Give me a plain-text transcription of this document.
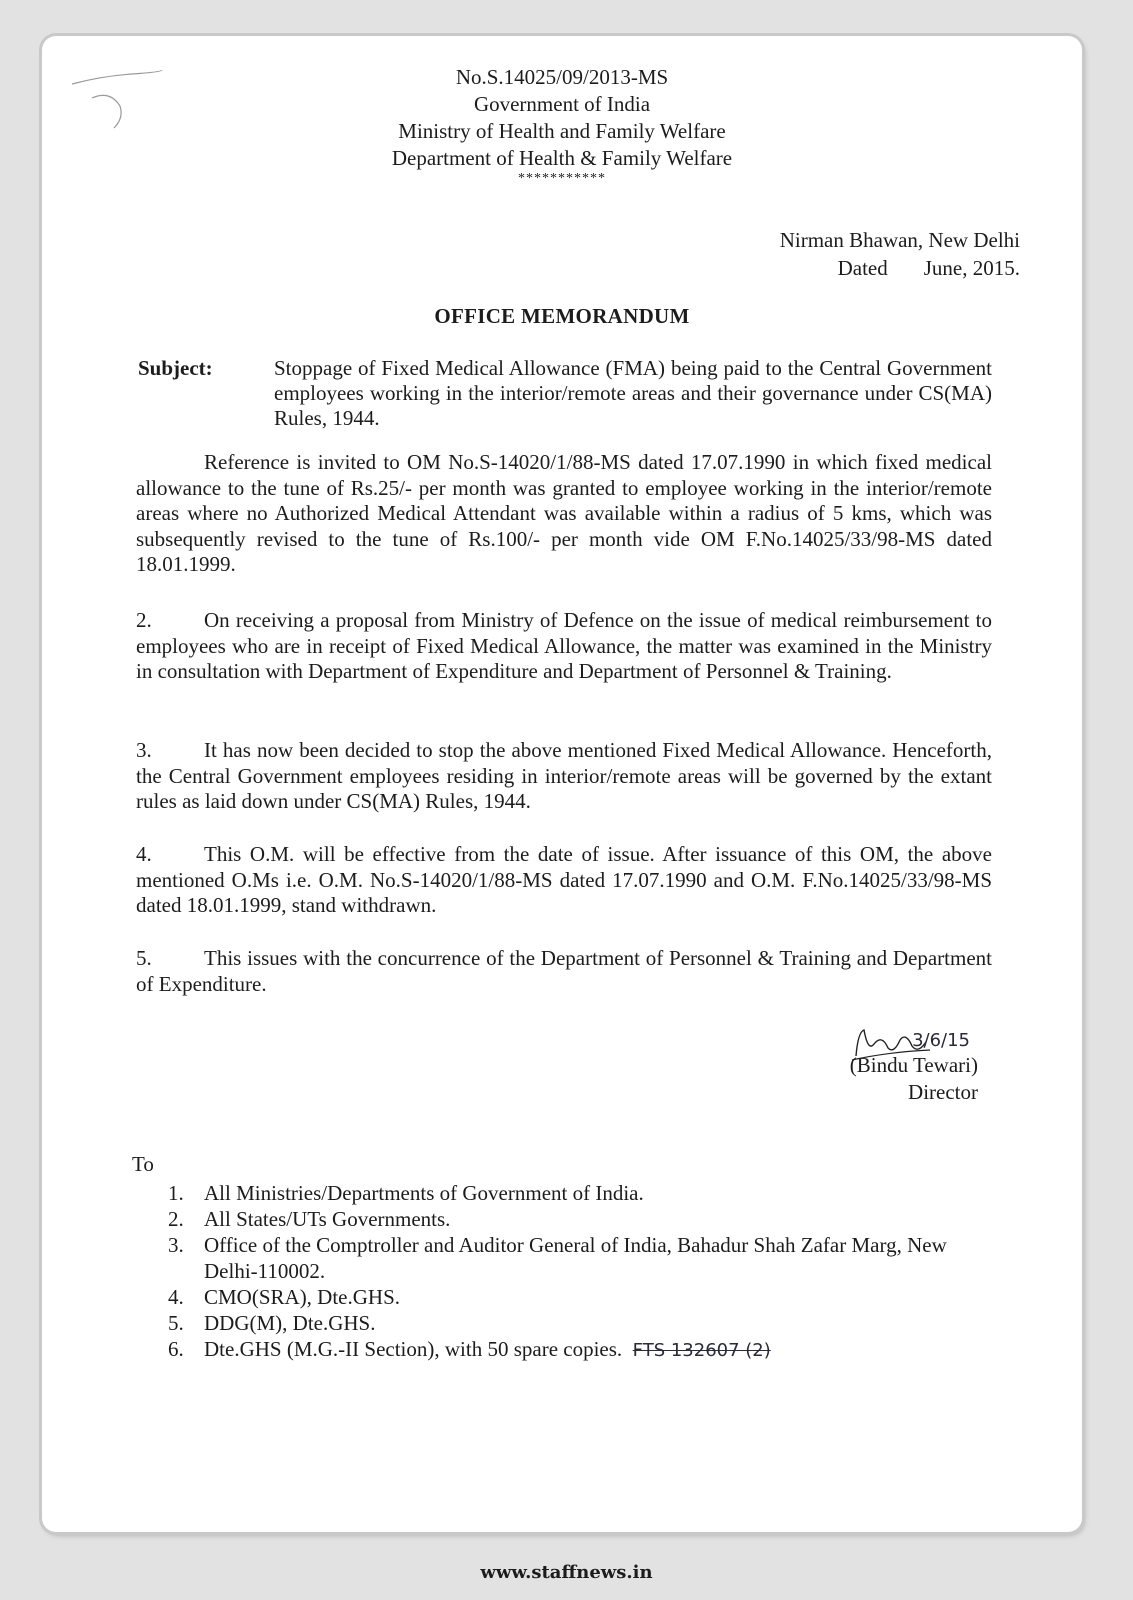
No.S.14025/09/2013-MS
Government of India
Ministry of Health and Family Welfare
Department of Health & Family Welfare
***********
Nirman Bhawan, New Delhi
Dated June, 2015.
OFFICE MEMORANDUM
Subject:	Stoppage of Fixed Medical Allowance (FMA) being paid to the Central Government employees working in the interior/remote areas and their governance under CS(MA) Rules, 1944.
Reference is invited to OM No.S-14020/1/88-MS dated 17.07.1990 in which fixed medical allowance to the tune of Rs.25/- per month was granted to employee working in the interior/remote areas where no Authorized Medical Attendant was available within a radius of 5 kms, which was subsequently revised to the tune of Rs.100/- per month vide OM F.No.14025/33/98-MS dated 18.01.1999.
2. On receiving a proposal from Ministry of Defence on the issue of medical reimbursement to employees who are in receipt of Fixed Medical Allowance, the matter was examined in the Ministry in consultation with Department of Expenditure and Department of Personnel & Training.
3. It has now been decided to stop the above mentioned Fixed Medical Allowance. Henceforth, the Central Government employees residing in interior/remote areas will be governed by the extant rules as laid down under CS(MA) Rules, 1944.
4. This O.M. will be effective from the date of issue. After issuance of this OM, the above mentioned O.Ms i.e. O.M. No.S-14020/1/88-MS dated 17.07.1990 and O.M. F.No.14025/33/98-MS dated 18.01.1999, stand withdrawn.
5. This issues with the concurrence of the Department of Personnel & Training and Department of Expenditure.
3/6/15
(Bindu Tewari)
Director
To
1. All Ministries/Departments of Government of India.
2. All States/UTs Governments.
3. Office of the Comptroller and Auditor General of India, Bahadur Shah Zafar Marg, New Delhi-110002.
4. CMO(SRA), Dte.GHS.
5. DDG(M), Dte.GHS.
6. Dte.GHS (M.G.-II Section), with 50 spare copies. FTS 132607 (2)
www.staffnews.in
